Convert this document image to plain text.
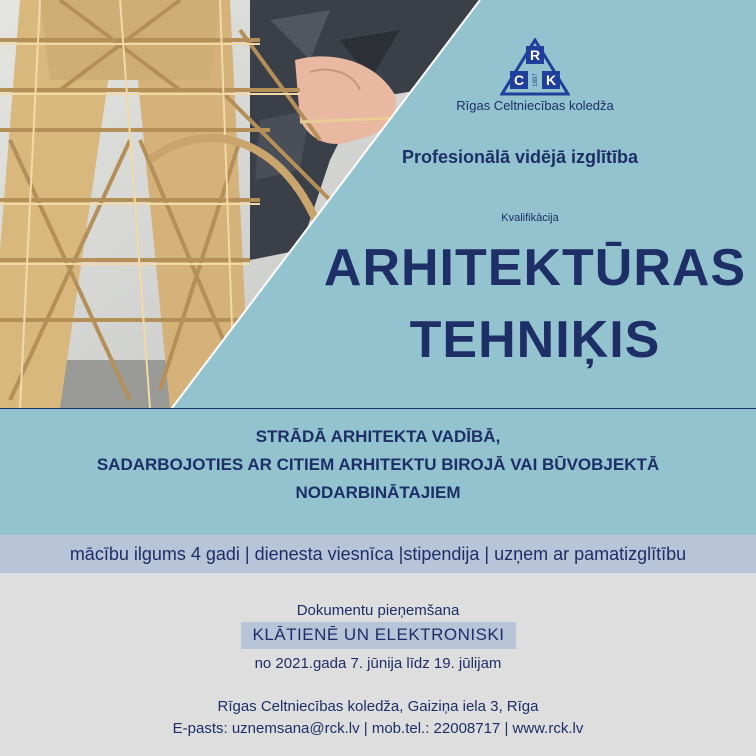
R
C K
1897
Rīgas Celtniecības koledža
Profesionālā vidējā izglītība
Kvalifikācija
ARHITEKTŪRAS
TEHNIĶIS
STRĀDĀ ARHITEKTA VADĪBĀ,
SADARBOJOTIES AR CITIEM ARHITEKTU BIROJĀ VAI BŪVOBJEKTĀ
NODARBINĀTAJIEM
mācību ilgums 4 gadi | dienesta viesnīca |stipendija | uzņem ar pamatizglītību
Dokumentu pieņemšana
KLĀTIENĒ UN ELEKTRONISKI
no 2021.gada 7. jūnija līdz 19. jūlijam
Rīgas Celtniecības koledža, Gaiziņa iela 3, Rīga
E-pasts: uznemsana@rck.lv | mob.tel.: 22008717 | www.rck.lv
